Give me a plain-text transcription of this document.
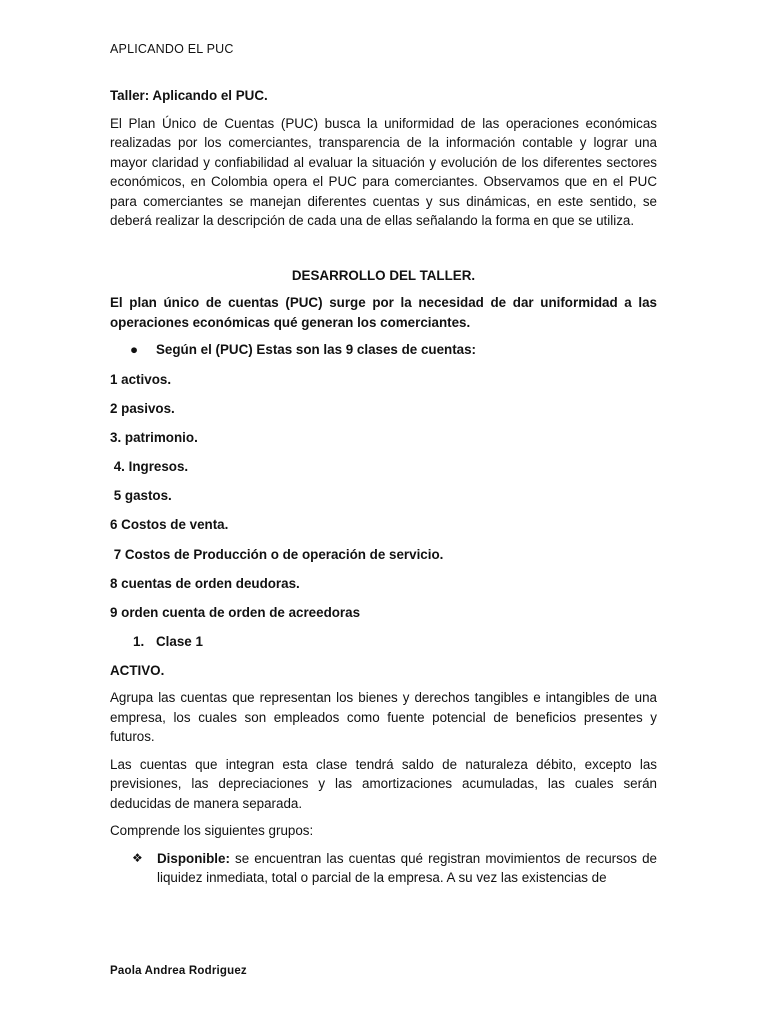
APLICANDO EL PUC

Taller: Aplicando el PUC.

El Plan Único de Cuentas (PUC) busca la uniformidad de las operaciones económicas realizadas por los comerciantes, transparencia de la información contable y lograr una mayor claridad y confiabilidad al evaluar la situación y evolución de los diferentes sectores económicos, en Colombia opera el PUC para comerciantes. Observamos que en el PUC para comerciantes se manejan diferentes cuentas y sus dinámicas, en este sentido, se deberá realizar la descripción de cada una de ellas señalando la forma en que se utiliza.

DESARROLLO DEL TALLER.

El plan único de cuentas (PUC) surge por la necesidad de dar uniformidad a las operaciones económicas qué generan los comerciantes.

● Según el (PUC) Estas son las 9 clases de cuentas:

1 activos.

2 pasivos.

3. patrimonio.

4. Ingresos.

5 gastos.

6 Costos de venta.

7 Costos de Producción o de operación de servicio.

8 cuentas de orden deudoras.

9 orden cuenta de orden de acreedoras

1. Clase 1

ACTIVO.

Agrupa las cuentas que representan los bienes y derechos tangibles e intangibles de una empresa, los cuales son empleados como fuente potencial de beneficios presentes y futuros.

Las cuentas que integran esta clase tendrá saldo de naturaleza débito, excepto las previsiones, las depreciaciones y las amortizaciones acumuladas, las cuales serán deducidas de manera separada.

Comprende los siguientes grupos:

❖ Disponible: se encuentran las cuentas qué registran movimientos de recursos de liquidez inmediata, total o parcial de la empresa. A su vez las existencias de

Paola Andrea Rodriguez
